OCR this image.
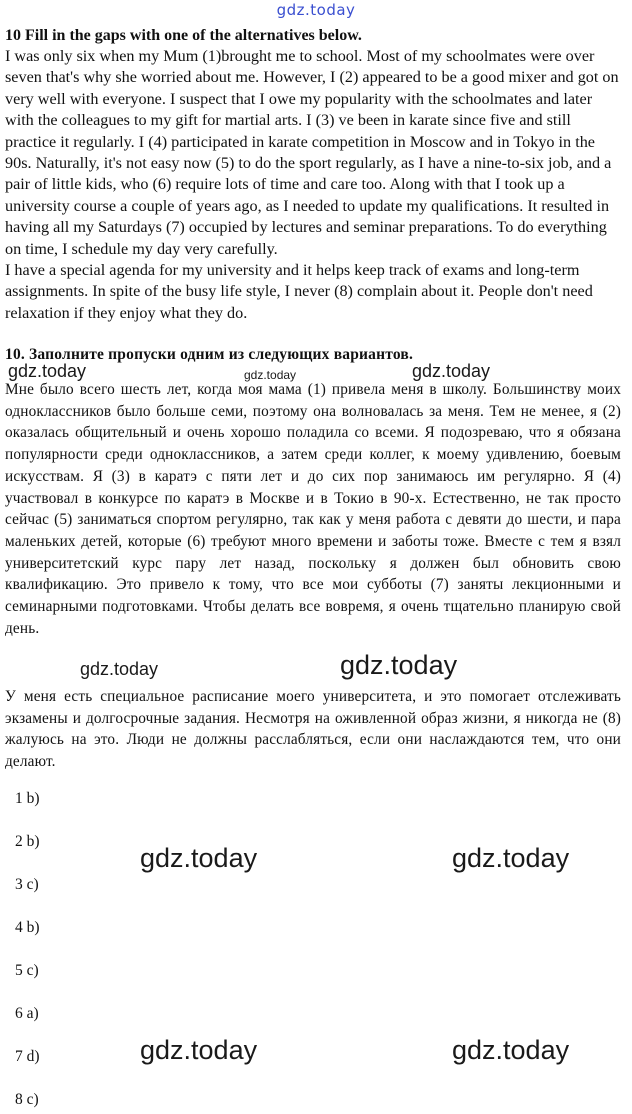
gdz.today
10 Fill in the gaps with one of the alternatives below.

I was only six when my Mum (1)brought me to school. Most of my schoolmates were over seven that's why she worried about me. However, I (2) appeared to be a good mixer and got on very well with everyone. I suspect that I owe my popularity with the schoolmates and later with the colleagues to my gift for martial arts. I (3) ve been in karate since five and still practice it regularly. I (4) participated in karate competition in Moscow and in Tokyo in the 90s. Naturally, it's not easy now (5) to do the sport regularly, as I have a nine-to-six job, and a pair of little kids, who (6) require lots of time and care too. Along with that I took up a university course a couple of years ago, as I needed to update my qualifications. It resulted in having all my Saturdays (7) occupied by lectures and seminar preparations. To do everything on time, I schedule my day very carefully.

I have a special agenda for my university and it helps keep track of exams and long-term assignments. In spite of the busy life style, I never (8) complain about it. People don't need relaxation if they enjoy what they do.

10. Заполните пропуски одним из следующих вариантов.
Мне было всего шесть лет, когда моя мама (1) привела меня в школу. Большинству моих одноклассников было больше семи, поэтому она волновалась за меня. Тем не менее, я (2) оказалась общительный и очень хорошо поладила со всеми. Я подозреваю, что я обязана популярности среди одноклассников, а затем среди коллег, к моему удивлению, боевым искусствам. Я (3) в каратэ с пяти лет и до сих пор занимаюсь им регулярно. Я (4) участвовал в конкурсе по каратэ в Москве и в Токио в 90-х. Естественно, не так просто сейчас (5) заниматься спортом регулярно, так как у меня работа с девяти до шести, и пара маленьких детей, которые (6) требуют много времени и заботы тоже. Вместе с тем я взял университетский курс пару лет назад, поскольку я должен был обновить свою квалификацию. Это привело к тому, что все мои субботы (7) заняты лекционными и семинарными подготовками. Чтобы делать все вовремя, я очень тщательно планирую свой день.
У меня есть специальное расписание моего университета, и это помогает отслеживать экзамены и долгосрочные задания. Несмотря на оживленной образ жизни, я никогда не (8) жалуюсь на это. Люди не должны расслабляться, если они наслаждаются тем, что они делают.
gdz.today	gdz.today	gdz.today
gdz.today	gdz.today
gdz.today	gdz.today
gdz.today	gdz.today
1 b)
2 b)
3 c)
4 b)
5 c)
6 a)
7 d)
8 c)
